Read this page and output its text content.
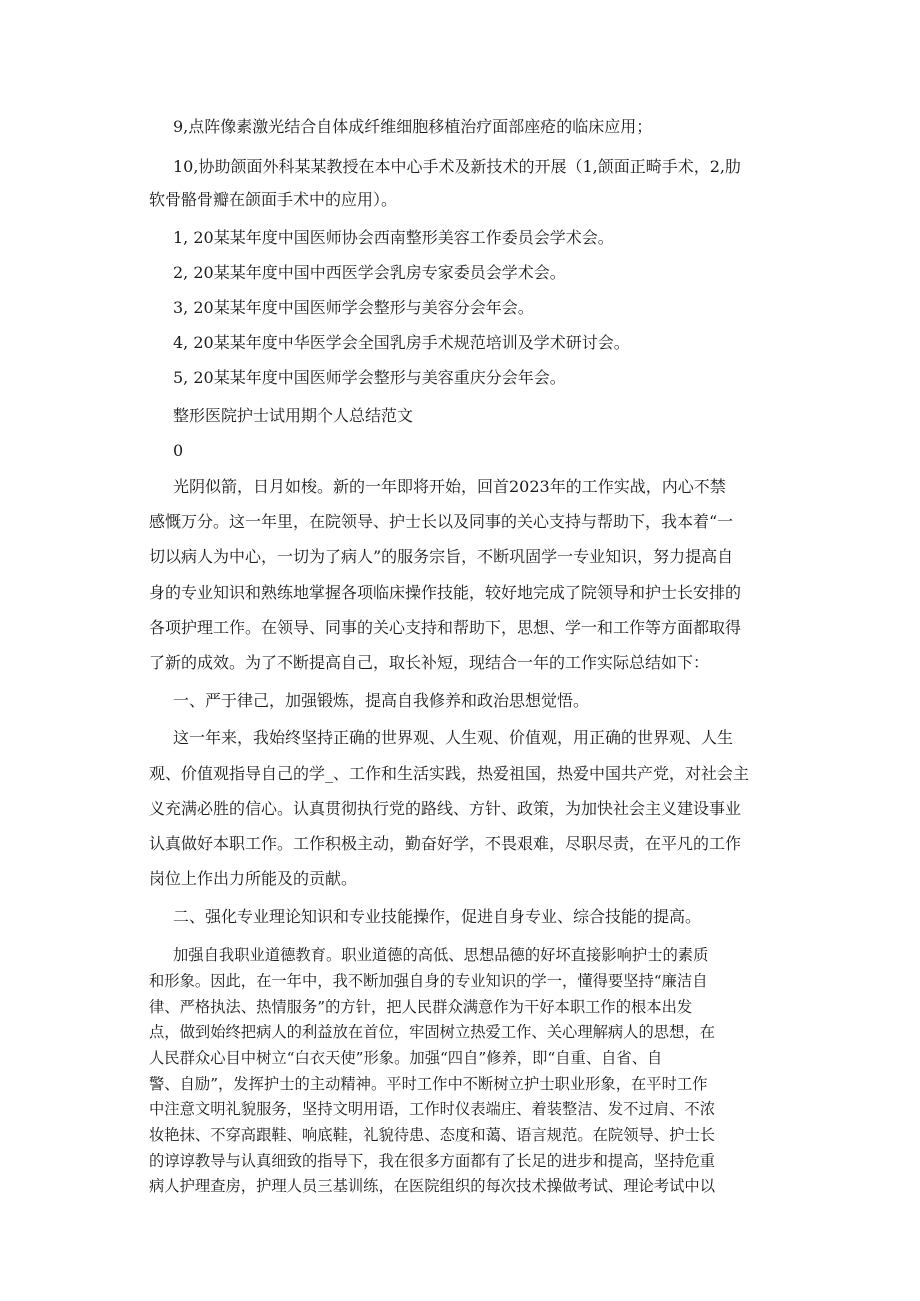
9,点阵像素激光结合自体成纤维细胞移植治疗面部座疮的临床应用；
10,协助颌面外科某某教授在本中心手术及新技术的开展（1,颌面正畸手术，2,肋
软骨骼骨瓣在颌面手术中的应用）。
1, 20某某年度中国医师协会西南整形美容工作委员会学术会。
2, 20某某年度中国中西医学会乳房专家委员会学术会。
3, 20某某年度中国医师学会整形与美容分会年会。
4, 20某某年度中华医学会全国乳房手术规范培训及学术研讨会。
5, 20某某年度中国医师学会整形与美容重庆分会年会。
整形医院护士试用期个人总结范文
0
光阴似箭，日月如梭。新的一年即将开始，回首2023年的工作实战，内心不禁
感慨万分。这一年里，在院领导、护士长以及同事的关心支持与帮助下，我本着“一
切以病人为中心，一切为了病人”的服务宗旨，不断巩固学一专业知识，努力提高自
身的专业知识和熟练地掌握各项临床操作技能，较好地完成了院领导和护士长安排的
各项护理工作。在领导、同事的关心支持和帮助下，思想、学一和工作等方面都取得
了新的成效。为了不断提高自己，取长补短，现结合一年的工作实际总结如下：
一、严于律己，加强锻炼，提高自我修养和政治思想觉悟。
这一年来，我始终坚持正确的世界观、人生观、价值观，用正确的世界观、人生
观、价值观指导自己的学_、工作和生活实践，热爱祖国，热爱中国共产党，对社会主
义充满必胜的信心。认真贯彻执行党的路线、方针、政策，为加快社会主义建设事业
认真做好本职工作。工作积极主动，勤奋好学，不畏艰难，尽职尽责，在平凡的工作
岗位上作出力所能及的贡献。
二、强化专业理论知识和专业技能操作，促进自身专业、综合技能的提高。
加强自我职业道德教育。职业道德的高低、思想品德的好坏直接影响护士的素质
和形象。因此，在一年中，我不断加强自身的专业知识的学一，懂得要坚持“廉洁自
律、严格执法、热情服务”的方针，把人民群众满意作为干好本职工作的根本出发
点，做到始终把病人的利益放在首位，牢固树立热爱工作、关心理解病人的思想，在
人民群众心目中树立“白衣天使”形象。加强“四自”修养，即“自重、自省、自
警、自励”，发挥护士的主动精神。平时工作中不断树立护士职业形象，在平时工作
中注意文明礼貌服务，坚持文明用语，工作时仪表端庄、着装整洁、发不过肩、不浓
妆艳抹、不穿高跟鞋、响底鞋，礼貌待患、态度和蔼、语言规范。在院领导、护士长
的谆谆教导与认真细致的指导下，我在很多方面都有了长足的进步和提高，坚持危重
病人护理查房，护理人员三基训练，在医院组织的每次技术操做考试、理论考试中以
